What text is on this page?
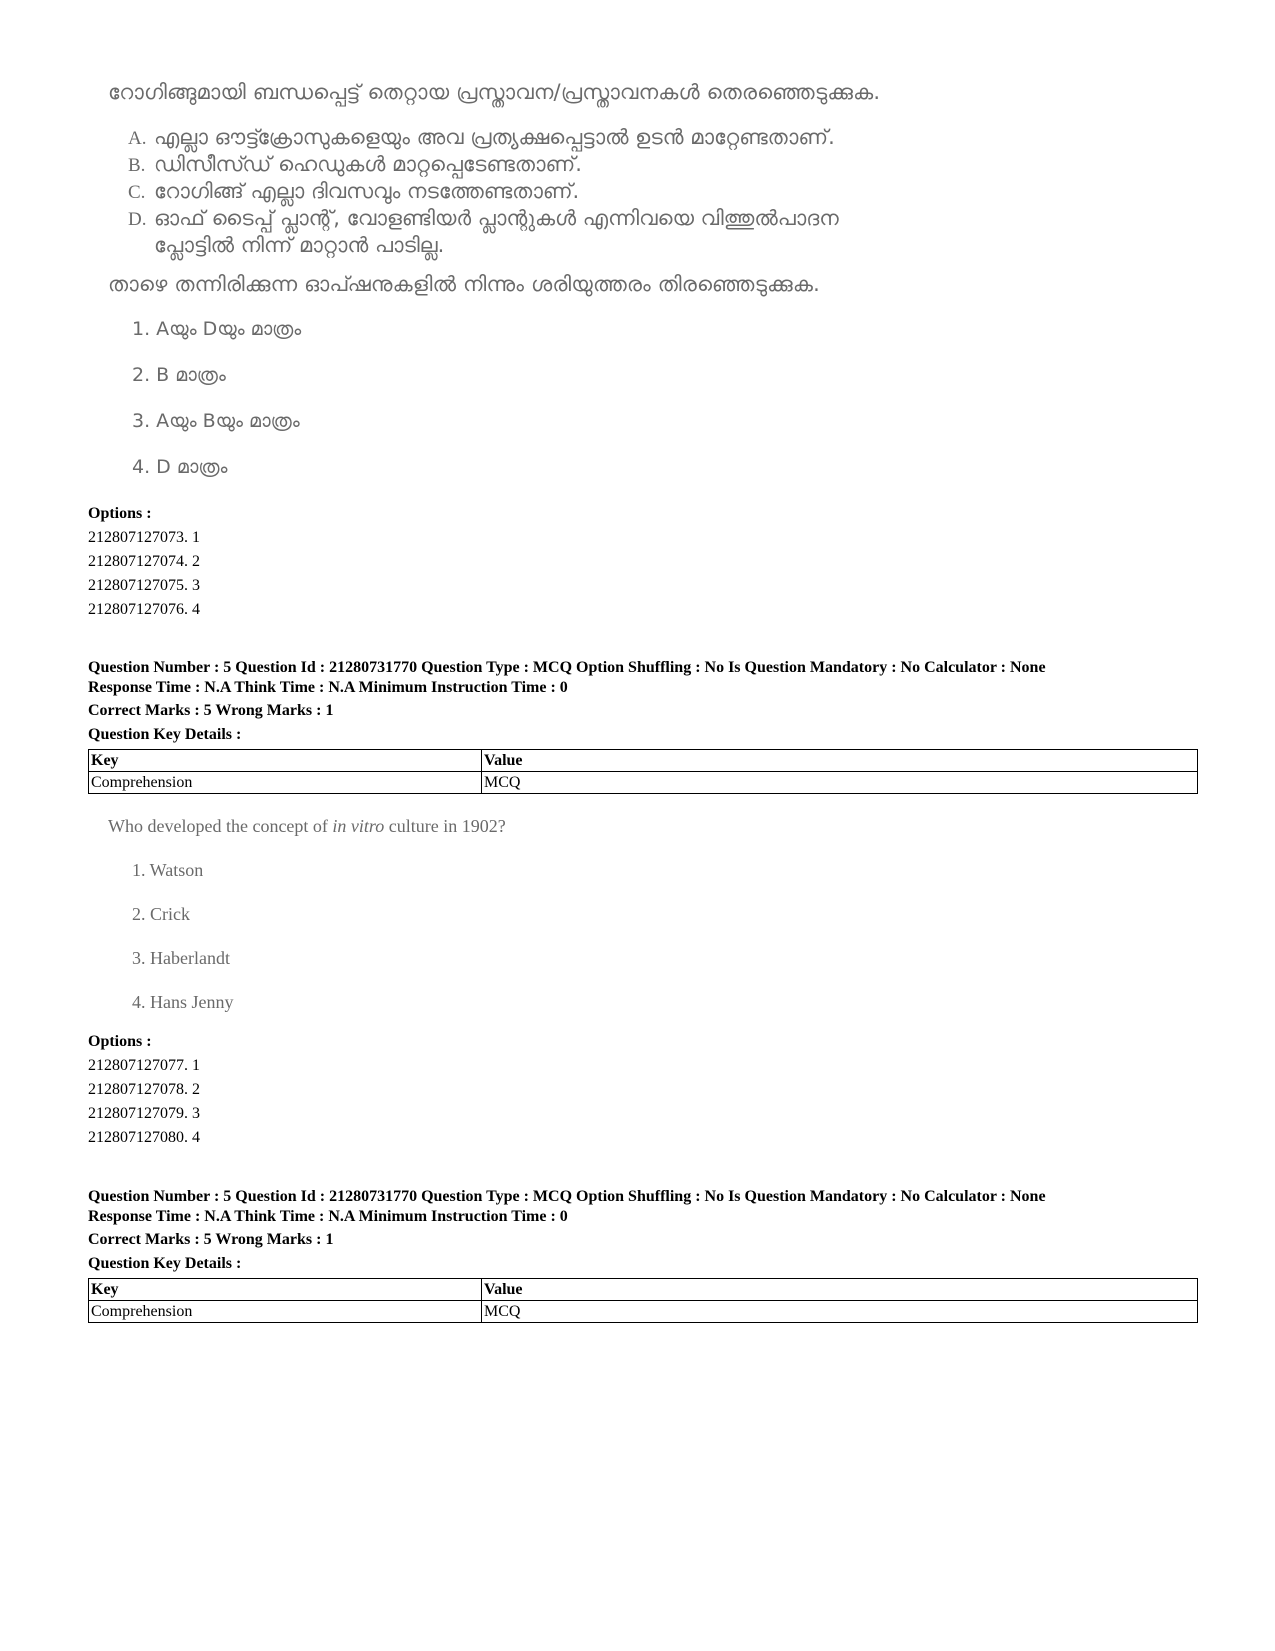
റോഗിങ്ങുമായി ബന്ധപ്പെട്ട് തെറ്റായ പ്രസ്താവന/പ്രസ്താവനകൾ തെരഞ്ഞെടുക്കുക.
A. എല്ലാ ഔട്ട്ക്രോസുകളെയും അവ പ്രത്യക്ഷപ്പെട്ടാൽ ഉടൻ മാറ്റേണ്ടതാണ്.
B. ഡിസീസ്ഡ് ഹെഡുകൾ മാറ്റപ്പെടേണ്ടതാണ്.
C. റോഗിങ്ങ് എല്ലാ ദിവസവും നടത്തേണ്ടതാണ്.
D. ഓഫ് ടൈപ്പ് പ്ലാന്റ്, വോളണ്ടിയർ പ്ലാന്റുകൾ എന്നിവയെ വിത്തുൽപാദന
പ്ലോട്ടിൽ നിന്ന് മാറ്റാൻ പാടില്ല.
താഴെ തന്നിരിക്കുന്ന ഓപ്ഷനുകളിൽ നിന്നും ശരിയുത്തരം തിരഞ്ഞെടുക്കുക.
1. Aയും Dയും മാത്രം
2. B മാത്രം
3. Aയും Bയും മാത്രം
4. D മാത്രം
Options :
212807127073. 1
212807127074. 2
212807127075. 3
212807127076. 4
Question Number : 5 Question Id : 21280731770 Question Type : MCQ Option Shuffling : No Is Question Mandatory : No Calculator : None
Response Time : N.A Think Time : N.A Minimum Instruction Time : 0
Correct Marks : 5 Wrong Marks : 1
Question Key Details :
Key	Value
Comprehension	MCQ
Who developed the concept of in vitro culture in 1902?
1. Watson
2. Crick
3. Haberlandt
4. Hans Jenny
Options :
212807127077. 1
212807127078. 2
212807127079. 3
212807127080. 4
Question Number : 5 Question Id : 21280731770 Question Type : MCQ Option Shuffling : No Is Question Mandatory : No Calculator : None
Response Time : N.A Think Time : N.A Minimum Instruction Time : 0
Correct Marks : 5 Wrong Marks : 1
Question Key Details :
Key	Value
Comprehension	MCQ
